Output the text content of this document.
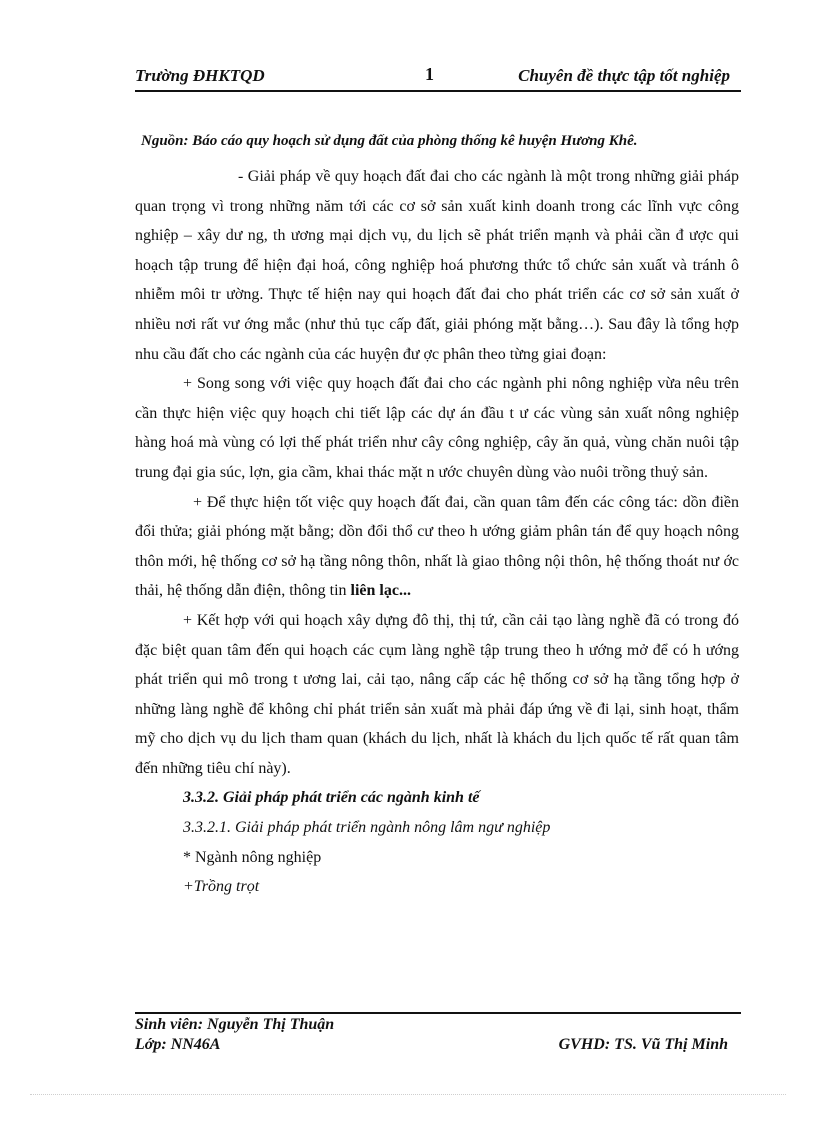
Trường ĐHKTQD	1	Chuyên đề thực tập tốt nghiệp
Nguồn: Báo cáo quy hoạch sử dụng đất của phòng thống kê huyện Hương Khê.

- Giải pháp về quy hoạch đất đai cho các ngành là một trong những giải pháp quan trọng vì trong những năm tới các cơ sở sản xuất kinh doanh trong các lĩnh vực công nghiệp – xây dư ng, th ương mại dịch vụ, du lịch sẽ phát triển mạnh và phải cần đ ược qui hoạch tập trung để hiện đại hoá, công nghiệp hoá phương thức tổ chức sản xuất và tránh ô nhiễm môi tr ường. Thực tế hiện nay qui hoạch đất đai cho phát triển các cơ sở sản xuất ở nhiều nơi rất vư ớng mắc (như thủ tục cấp đất, giải phóng mặt bằng…). Sau đây là tổng hợp nhu cầu đất cho các ngành của các huyện đư ợc phân theo từng giai đoạn:

+ Song song với việc quy hoạch đất đai cho các ngành phi nông nghiệp vừa nêu trên cần thực hiện việc quy hoạch chi tiết lập các dự án đầu t ư các vùng sản xuất nông nghiệp hàng hoá mà vùng có lợi thế phát triển như cây công nghiệp, cây ăn quả, vùng chăn nuôi tập trung đại gia súc, lợn, gia cầm, khai thác mặt n ước chuyên dùng vào nuôi trồng thuỷ sản.

+ Để thực hiện tốt việc quy hoạch đất đai, cần quan tâm đến các công tác: dồn điền đổi thửa; giải phóng mặt bằng; dồn đổi thổ cư theo h ướng giảm phân tán để quy hoạch nông thôn mới, hệ thống cơ sở hạ tầng nông thôn, nhất là giao thông nội thôn, hệ thống thoát nư ớc thải, hệ thống dẫn điện, thông tin liên lạc...

+ Kết hợp với qui hoạch xây dựng đô thị, thị tứ, cần cải tạo làng nghề đã có trong đó đặc biệt quan tâm đến qui hoạch các cụm làng nghề tập trung theo h ướng mở để có h ướng phát triển qui mô trong t ương lai, cải tạo, nâng cấp các hệ thống cơ sở hạ tầng tổng hợp ở những làng nghề để không chỉ phát triển sản xuất mà phải đáp ứng về đi lại, sinh hoạt, thẩm mỹ cho dịch vụ du lịch tham quan (khách du lịch, nhất là khách du lịch quốc tế rất quan tâm đến những tiêu chí này).

3.3.2. Giải pháp phát triển các ngành kinh tế

3.3.2.1. Giải pháp phát triển ngành nông lâm ngư nghiệp

* Ngành nông nghiệp

+Trồng trọt

Sinh viên: Nguyễn Thị Thuận
Lớp: NN46A	GVHD: TS. Vũ Thị Minh
